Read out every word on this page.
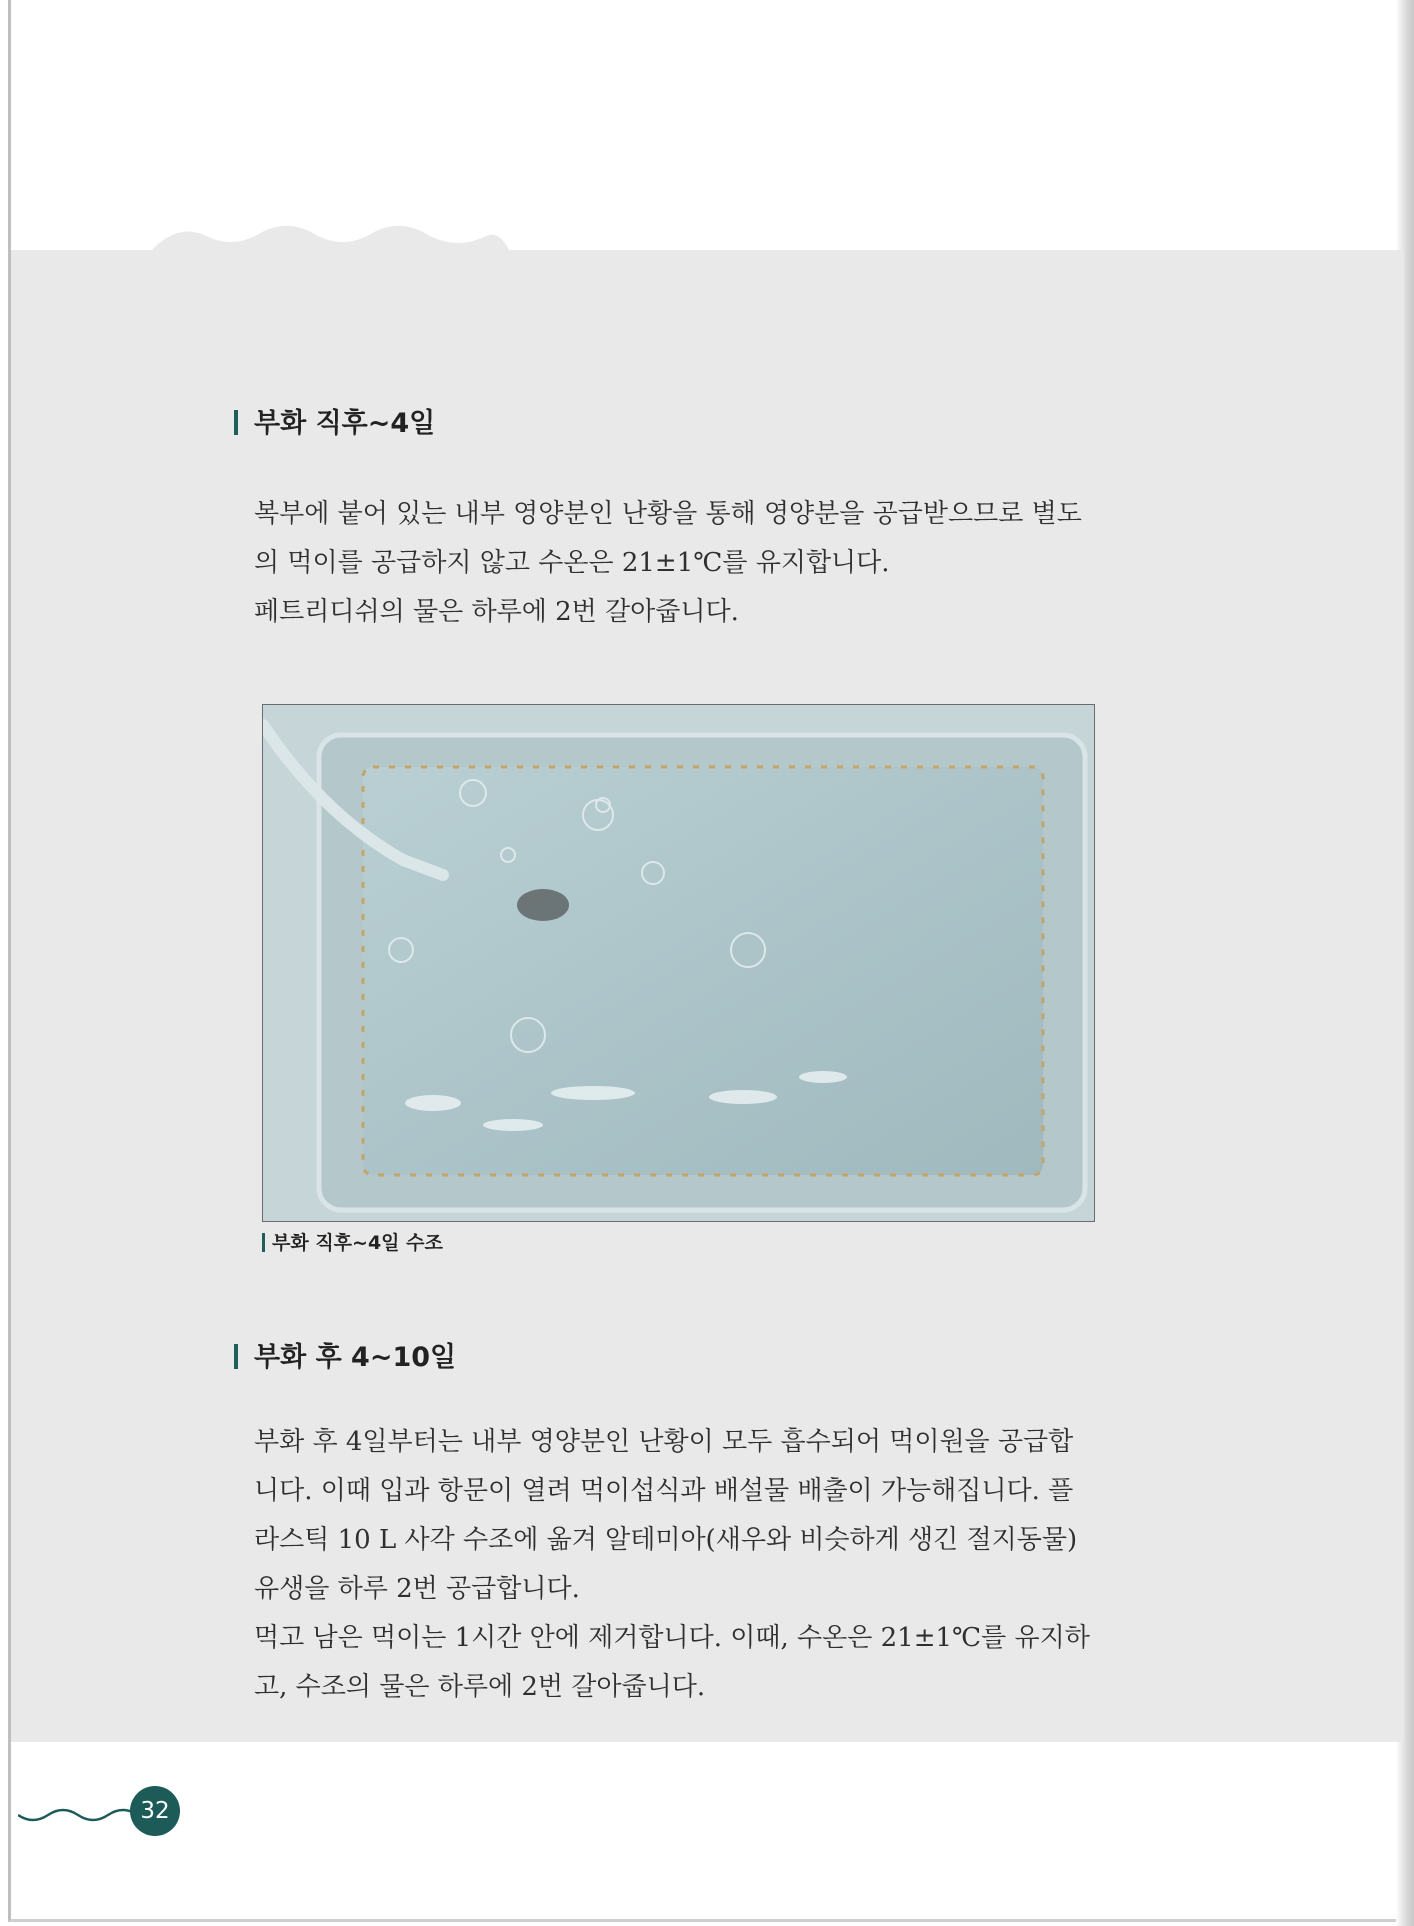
부화 직후~4일

복부에 붙어 있는 내부 영양분인 난황을 통해 영양분을 공급받으므로 별도의 먹이를 공급하지 않고 수온은 21±1℃를 유지합니다.

페트리디쉬의 물은 하루에 2번 갈아줍니다.

부화 직후~4일 수조
부화 후 4~10일

부화 후 4일부터는 내부 영양분인 난황이 모두 흡수되어 먹이원을 공급합니다. 이때 입과 항문이 열려 먹이섭식과 배설물 배출이 가능해집니다. 플라스틱 10 L 사각 수조에 옮겨 알테미아(새우와 비슷하게 생긴 절지동물) 유생을 하루 2번 공급합니다.

먹고 남은 먹이는 1시간 안에 제거합니다. 이때, 수온은 21±1℃를 유지하고, 수조의 물은 하루에 2번 갈아줍니다.

32
